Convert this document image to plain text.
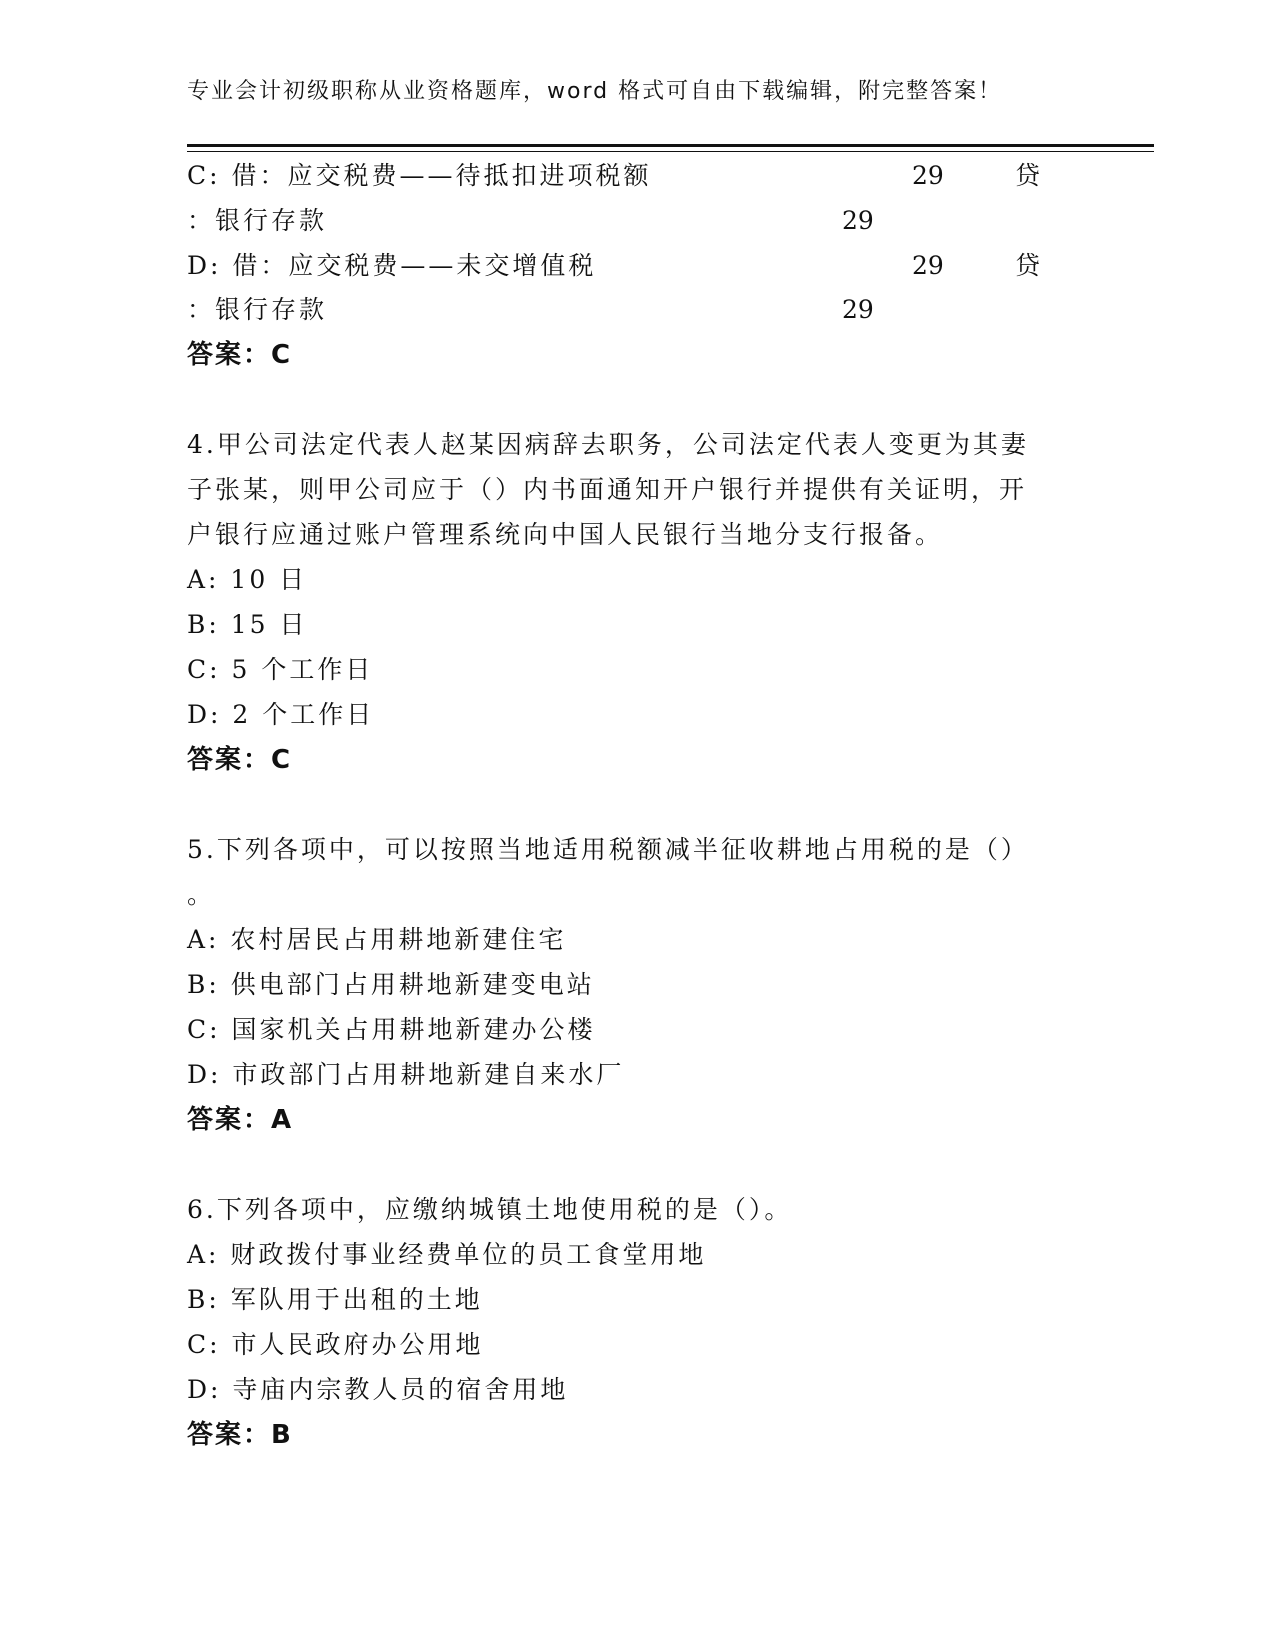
专业会计初级职称从业资格题库，word 格式可自由下载编辑，附完整答案！
C: 借：应交税费——待抵扣进项税额	29	贷
：银行存款	29
D: 借：应交税费——未交增值税	29	贷
：银行存款	29
答案：C
4.甲公司法定代表人赵某因病辞去职务，公司法定代表人变更为其妻
子张某，则甲公司应于（）内书面通知开户银行并提供有关证明，开
户银行应通过账户管理系统向中国人民银行当地分支行报备。
A: 10 日
B: 15 日
C: 5 个工作日
D: 2 个工作日
答案：C
5.下列各项中，可以按照当地适用税额减半征收耕地占用税的是（）
。
A: 农村居民占用耕地新建住宅
B: 供电部门占用耕地新建变电站
C: 国家机关占用耕地新建办公楼
D: 市政部门占用耕地新建自来水厂
答案：A
6.下列各项中，应缴纳城镇土地使用税的是（）。
A: 财政拨付事业经费单位的员工食堂用地
B: 军队用于出租的土地
C: 市人民政府办公用地
D: 寺庙内宗教人员的宿舍用地
答案：B
